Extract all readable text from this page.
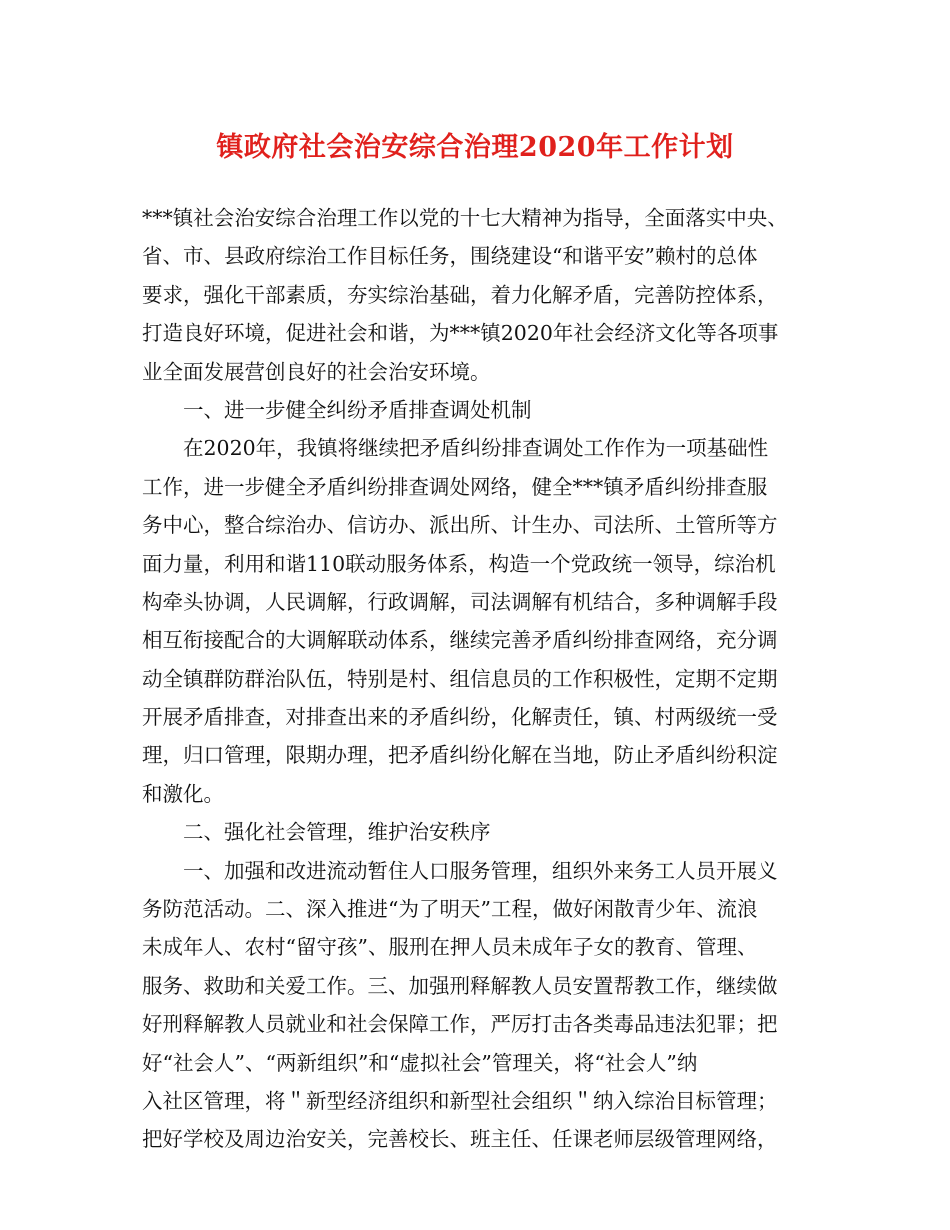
镇政府社会治安综合治理2020年工作计划
***镇社会治安综合治理工作以党的十七大精神为指导，全面落实中央、
省、市、县政府综治工作目标任务，围绕建设“和谐平安”赖村的总体
要求，强化干部素质，夯实综治基础，着力化解矛盾，完善防控体系，
打造良好环境，促进社会和谐，为***镇2020年社会经济文化等各项事
业全面发展营创良好的社会治安环境。
一、进一步健全纠纷矛盾排查调处机制
在2020年，我镇将继续把矛盾纠纷排查调处工作作为一项基础性
工作，进一步健全矛盾纠纷排查调处网络，健全***镇矛盾纠纷排查服
务中心，整合综治办、信访办、派出所、计生办、司法所、土管所等方
面力量，利用和谐110联动服务体系，构造一个党政统一领导，综治机
构牵头协调，人民调解，行政调解，司法调解有机结合，多种调解手段
相互衔接配合的大调解联动体系，继续完善矛盾纠纷排查网络，充分调
动全镇群防群治队伍，特别是村、组信息员的工作积极性，定期不定期
开展矛盾排查，对排查出来的矛盾纠纷，化解责任，镇、村两级统一受
理，归口管理，限期办理，把矛盾纠纷化解在当地，防止矛盾纠纷积淀
和激化。
二、强化社会管理，维护治安秩序
一、加强和改进流动暂住人口服务管理，组织外来务工人员开展义
务防范活动。二、深入推进“为了明天”工程，做好闲散青少年、流浪
未成年人、农村“留守孩”、服刑在押人员未成年子女的教育、管理、
服务、救助和关爱工作。三、加强刑释解教人员安置帮教工作，继续做
好刑释解教人员就业和社会保障工作，严厉打击各类毒品违法犯罪；把
好“社会人”、“两新组织”和“虚拟社会”管理关，将“社会人”纳
入社区管理，将＂新型经济组织和新型社会组织＂纳入综治目标管理；
把好学校及周边治安关，完善校长、班主任、任课老师层级管理网络，
